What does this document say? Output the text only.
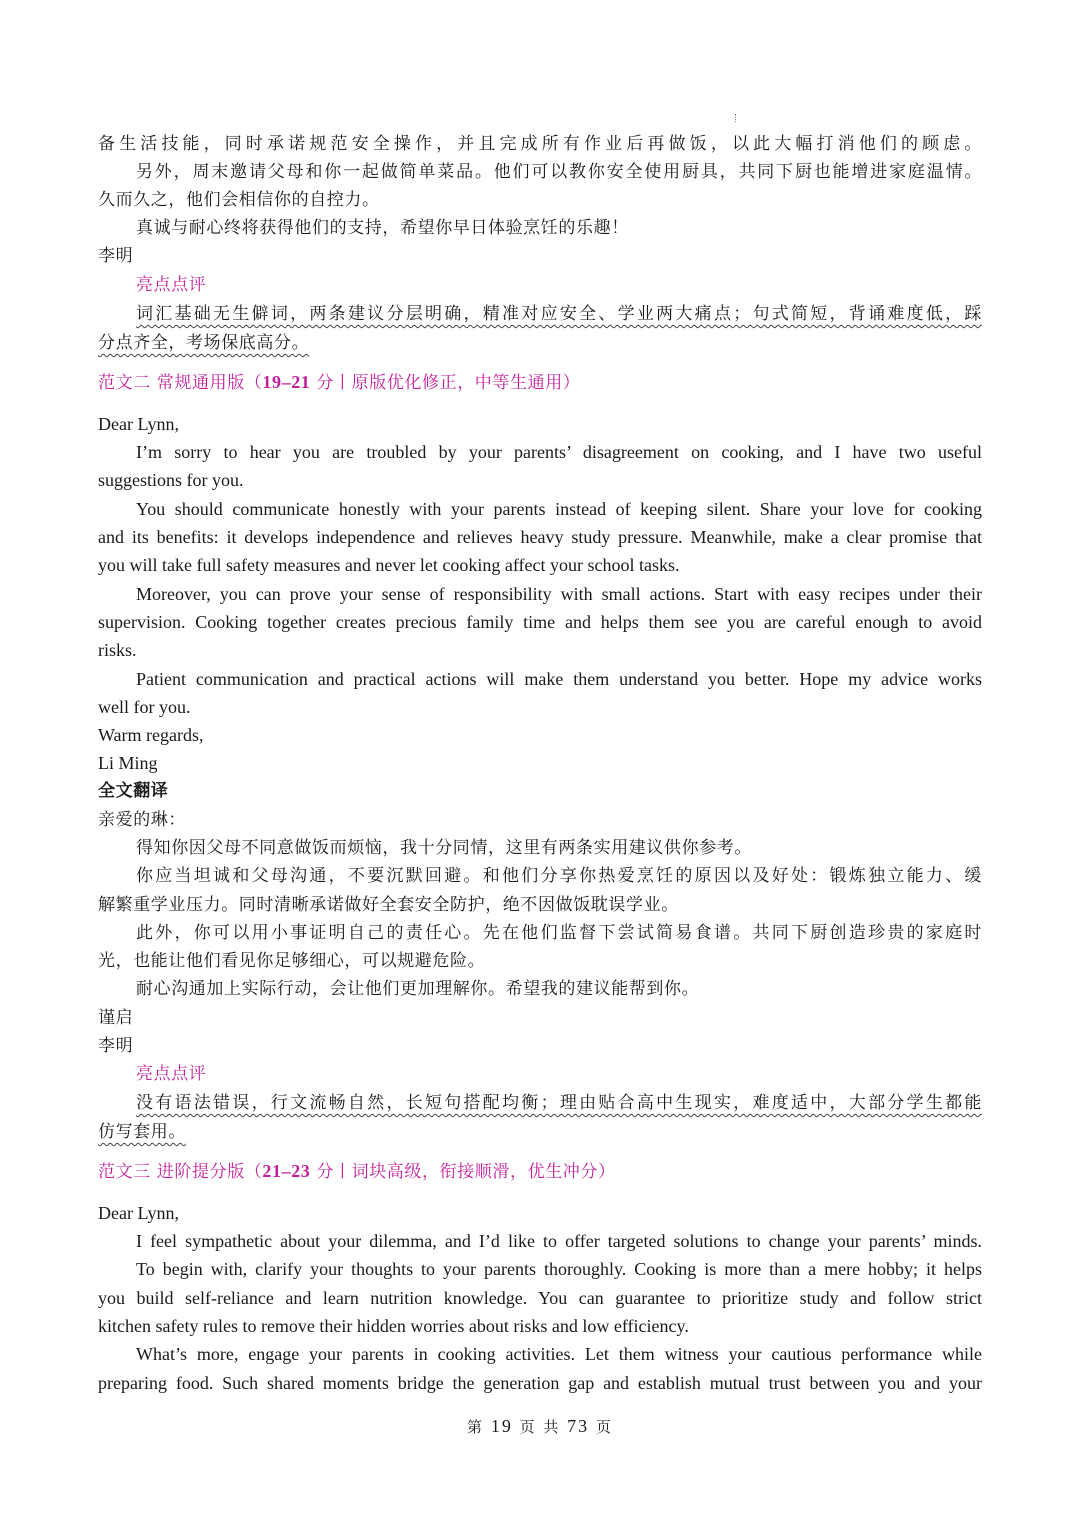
备生活技能，同时承诺规范安全操作，并且完成所有作业后再做饭，以此大幅打消他们的顾虑。
另外，周末邀请父母和你一起做简单菜品。他们可以教你安全使用厨具，共同下厨也能增进家庭温情。
久而久之，他们会相信你的自控力。
真诚与耐心终将获得他们的支持，希望你早日体验烹饪的乐趣！
李明
亮点点评
词汇基础无生僻词，两条建议分层明确，精准对应安全、学业两大痛点；句式简短，背诵难度低，踩
分点齐全，考场保底高分。
范文二 常规通用版（19–21 分丨原版优化修正，中等生通用）
Dear Lynn,
I’m sorry to hear you are troubled by your parents’ disagreement on cooking, and I have two useful
suggestions for you.
You should communicate honestly with your parents instead of keeping silent. Share your love for cooking
and its benefits: it develops independence and relieves heavy study pressure. Meanwhile, make a clear promise that
you will take full safety measures and never let cooking affect your school tasks.
Moreover, you can prove your sense of responsibility with small actions. Start with easy recipes under their
supervision. Cooking together creates precious family time and helps them see you are careful enough to avoid
risks.
Patient communication and practical actions will make them understand you better. Hope my advice works
well for you.
Warm regards,
Li Ming
全文翻译
亲爱的琳：
得知你因父母不同意做饭而烦恼，我十分同情，这里有两条实用建议供你参考。
你应当坦诚和父母沟通，不要沉默回避。和他们分享你热爱烹饪的原因以及好处：锻炼独立能力、缓
解繁重学业压力。同时清晰承诺做好全套安全防护，绝不因做饭耽误学业。
此外，你可以用小事证明自己的责任心。先在他们监督下尝试简易食谱。共同下厨创造珍贵的家庭时
光，也能让他们看见你足够细心，可以规避危险。
耐心沟通加上实际行动，会让他们更加理解你。希望我的建议能帮到你。
谨启
李明
亮点点评
没有语法错误，行文流畅自然，长短句搭配均衡；理由贴合高中生现实，难度适中，大部分学生都能
仿写套用。
范文三 进阶提分版（21–23 分丨词块高级，衔接顺滑，优生冲分）
Dear Lynn,
I feel sympathetic about your dilemma, and I’d like to offer targeted solutions to change your parents’ minds.
To begin with, clarify your thoughts to your parents thoroughly. Cooking is more than a mere hobby; it helps
you build self-reliance and learn nutrition knowledge. You can guarantee to prioritize study and follow strict
kitchen safety rules to remove their hidden worries about risks and low efficiency.
What’s more, engage your parents in cooking activities. Let them witness your cautious performance while
preparing food. Such shared moments bridge the generation gap and establish mutual trust between you and your
第 19 页 共 73 页
